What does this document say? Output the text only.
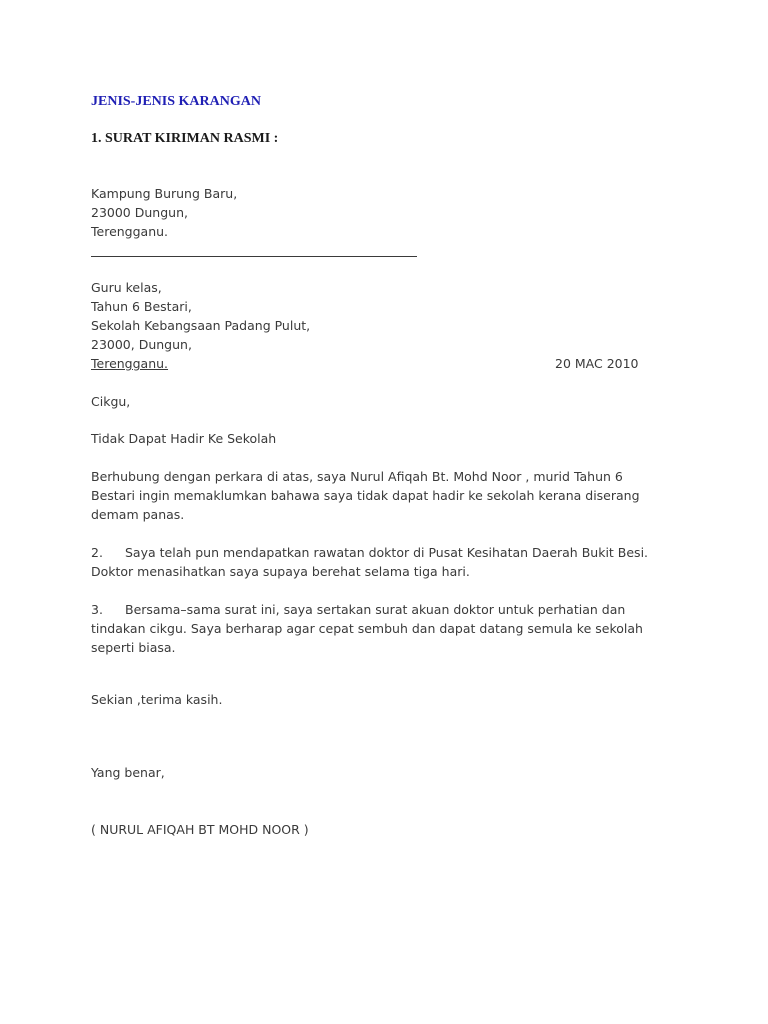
JENIS-JENIS KARANGAN
1. SURAT KIRIMAN RASMI :
Kampung Burung Baru,
23000 Dungun,
Terengganu.
Guru kelas,
Tahun 6 Bestari,
Sekolah Kebangsaan Padang Pulut,
23000, Dungun,
Terengganu.	20 MAC 2010
Cikgu,
Tidak Dapat Hadir Ke Sekolah
Berhubung dengan perkara di atas, saya Nurul Afiqah Bt. Mohd Noor , murid Tahun 6
Bestari ingin memaklumkan bahawa saya tidak dapat hadir ke sekolah kerana diserang
demam panas.
2. Saya telah pun mendapatkan rawatan doktor di Pusat Kesihatan Daerah Bukit Besi.
Doktor menasihatkan saya supaya berehat selama tiga hari.
3. Bersama–sama surat ini, saya sertakan surat akuan doktor untuk perhatian dan
tindakan cikgu. Saya berharap agar cepat sembuh dan dapat datang semula ke sekolah
seperti biasa.
Sekian ,terima kasih.
Yang benar,
( NURUL AFIQAH BT MOHD NOOR )
